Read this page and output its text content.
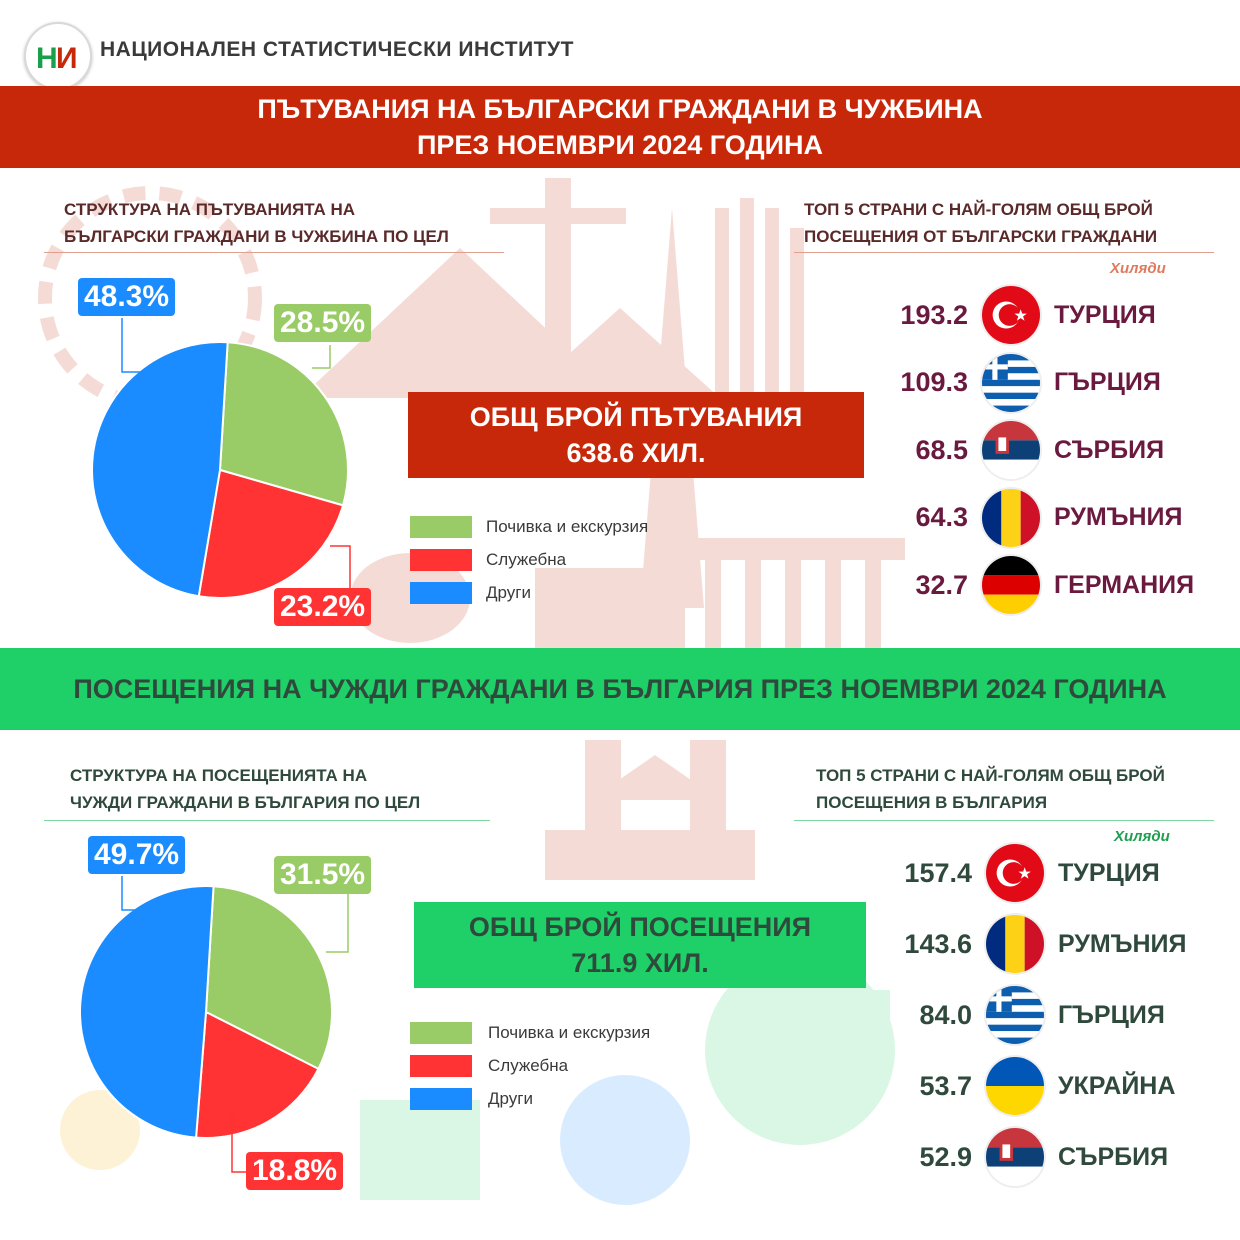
Н
И НАЦИОНАЛЕН СТАТИСТИЧЕСКИ ИНСТИТУТ
ПЪТУВАНИЯ НА БЪЛГАРСКИ ГРАЖДАНИ В ЧУЖБИНА
ПРЕЗ НОЕМВРИ 2024 ГОДИНА
СТРУКТУРА НА ПЪТУВАНИЯТА НА
БЪЛГАРСКИ ГРАЖДАНИ В ЧУЖБИНА ПО ЦЕЛ
ТОП 5 СТРАНИ С НАЙ-ГОЛЯМ ОБЩ БРОЙ
ПОСЕЩЕНИЯ ОТ БЪЛГАРСКИ ГРАЖДАНИ
Хиляди
48.3%
28.5%
23.2%
ОБЩ БРОЙ ПЪТУВАНИЯ
638.6 ХИЛ.
Почивка и екскурзия
Служебна
Други
193.2	ТУРЦИЯ
109.3	ГЪРЦИЯ
68.5	СЪРБИЯ
64.3	РУМЪНИЯ
32.7	ГЕРМАНИЯ
ПОСЕЩЕНИЯ НА ЧУЖДИ ГРАЖДАНИ В БЪЛГАРИЯ ПРЕЗ НОЕМВРИ 2024 ГОДИНА
СТРУКТУРА НА ПОСЕЩЕНИЯТА НА
ЧУЖДИ ГРАЖДАНИ В БЪЛГАРИЯ ПО ЦЕЛ
ТОП 5 СТРАНИ С НАЙ-ГОЛЯМ ОБЩ БРОЙ
ПОСЕЩЕНИЯ В БЪЛГАРИЯ
Хиляди
49.7%
31.5%
18.8%
ОБЩ БРОЙ ПОСЕЩЕНИЯ
711.9 ХИЛ.
Почивка и екскурзия
Служебна
Други
157.4	ТУРЦИЯ
143.6	РУМЪНИЯ
84.0	ГЪРЦИЯ
53.7	УКРАЙНА
52.9	СЪРБИЯ
